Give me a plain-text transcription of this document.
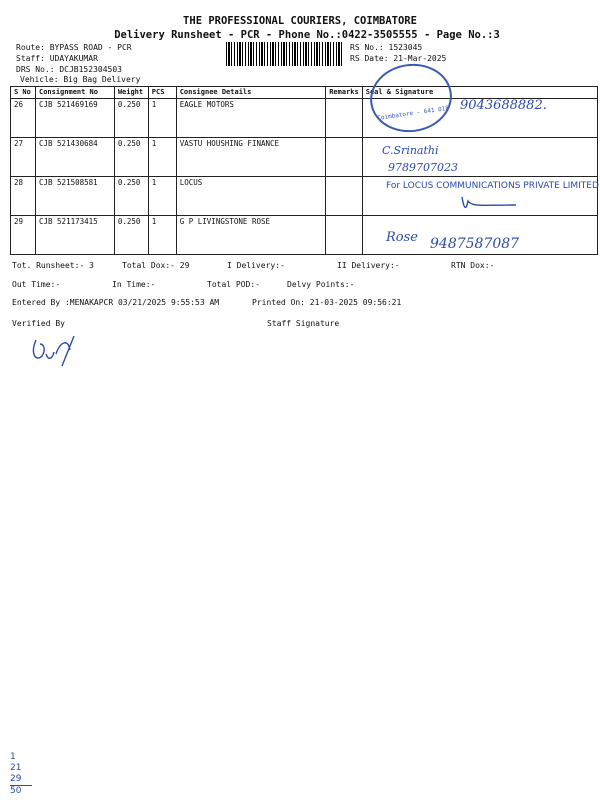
THE PROFESSIONAL COURIERS, COIMBATORE
Delivery Runsheet - PCR - Phone No.:0422-3505555 - Page No.:3
Route: BYPASS ROAD - PCR
Staff: UDAYAKUMAR
DRS No.: DCJB152304503
Vehicle: Big Bag Delivery
RS No.: 1523045
RS Date: 21-Mar-2025
S No	Consignment No	Weight	PCS	Consignee Details	Remarks	Seal & Signature
26	CJB 521469169	0.250	1	EAGLE MOTORS		
27	CJB 521430684	0.250	1	VASTU HOUSHING FINANCE		
28	CJB 521508581	0.250	1	LOCUS		
29	CJB 521173415	0.250	1	G P LIVINGSTONE ROSE		
Coimbatore - 641 018 9043688882.
C.Srinathi
9789707023
For LOCUS COMMUNICATIONS PRIVATE LIMITED
Rose 9487587087
Tot. Runsheet:- 3	Total Dox:- 29	I Delivery:-	II Delivery:-	RTN Dox:-
Out Time:-	In Time:-	Total POD:-	Delvy Points:-
Entered By :MENAKAPCR 03/21/2025 9:55:53 AM	Printed On: 21-03-2025 09:56:21
Verified By	Staff Signature
1
21
29
50
